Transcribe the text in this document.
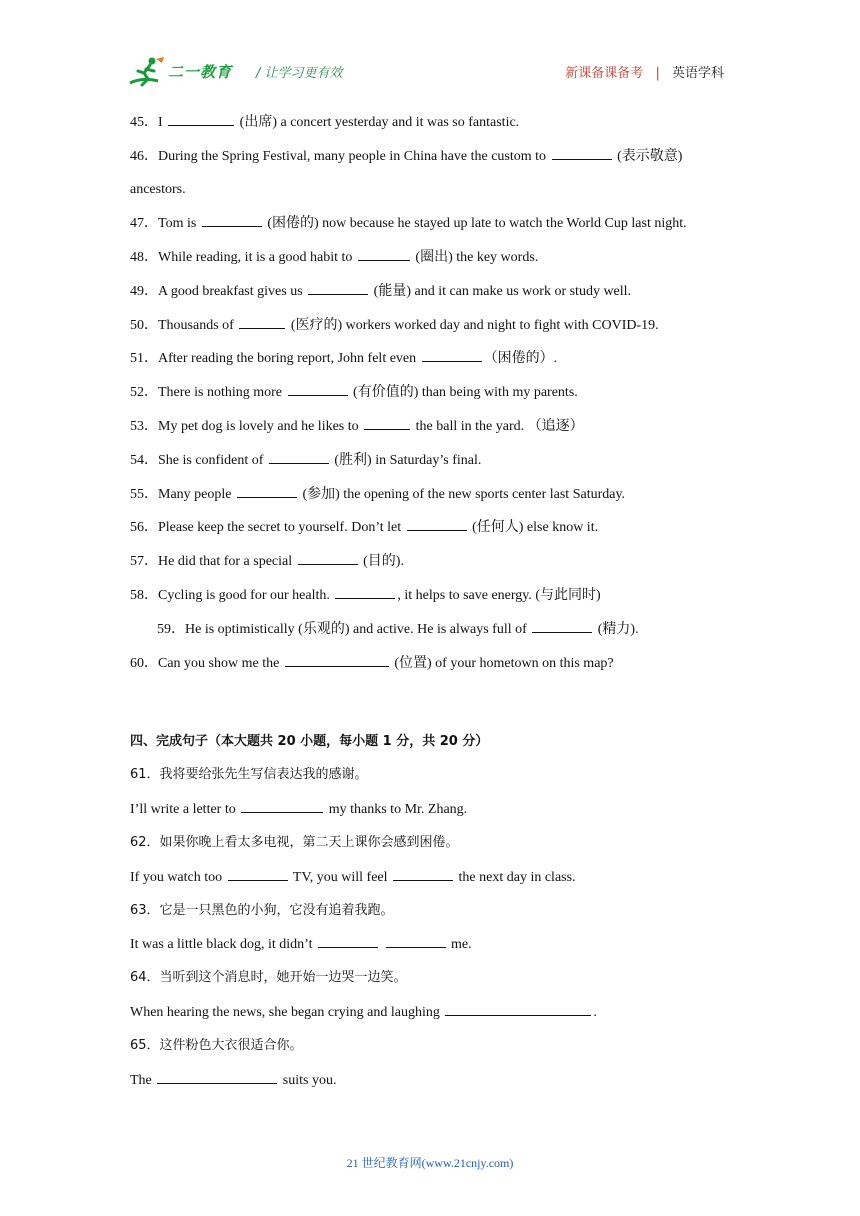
二一教育 / 让学习更有效	新课备课备考 | 英语学科
45．I	(出席) a concert yesterday and it was so fantastic.
46．During the Spring Festival, many people in China have the custom to	(表示敬意)
ancestors.
47．Tom is	(困倦的) now because he stayed up late to watch the World Cup last night.
48．While reading, it is a good habit to	(圈出) the key words.
49．A good breakfast gives us	(能量) and it can make us work or study well.
50．Thousands of	(医疗的) workers worked day and night to fight with COVID-19.
51．After reading the boring report, John felt even	（困倦的）.
52．There is nothing more	(有价值的) than being with my parents.
53．My pet dog is lovely and he likes to	the ball in the yard. （追逐）
54．She is confident of	(胜利) in Saturday’s final.
55．Many people	(参加) the opening of the new sports center last Saturday.
56．Please keep the secret to yourself. Don’t let	(任何人) else know it.
57．He did that for a special	(目的).
58．Cycling is good for our health.	, it helps to save energy. (与此同时)
59．He is optimistically (乐观的) and active. He is always full of	(精力).
60．Can you show me the	(位置) of your hometown on this map?
四、完成句子（本大题共 20 小题，每小题 1 分，共 20 分）
61．我将要给张先生写信表达我的感谢。
I’ll write a letter to	my thanks to Mr. Zhang.
62．如果你晚上看太多电视，第二天上课你会感到困倦。
If you watch too	TV, you will feel	the next day in class.
63．它是一只黑色的小狗，它没有追着我跑。
It was a little black dog, it didn’t	me.
64．当听到这个消息时，她开始一边哭一边笑。
When hearing the news, she began crying and laughing	.
65．这件粉色大衣很适合你。
The	suits you.
21 世纪教育网(www.21cnjy.com)
